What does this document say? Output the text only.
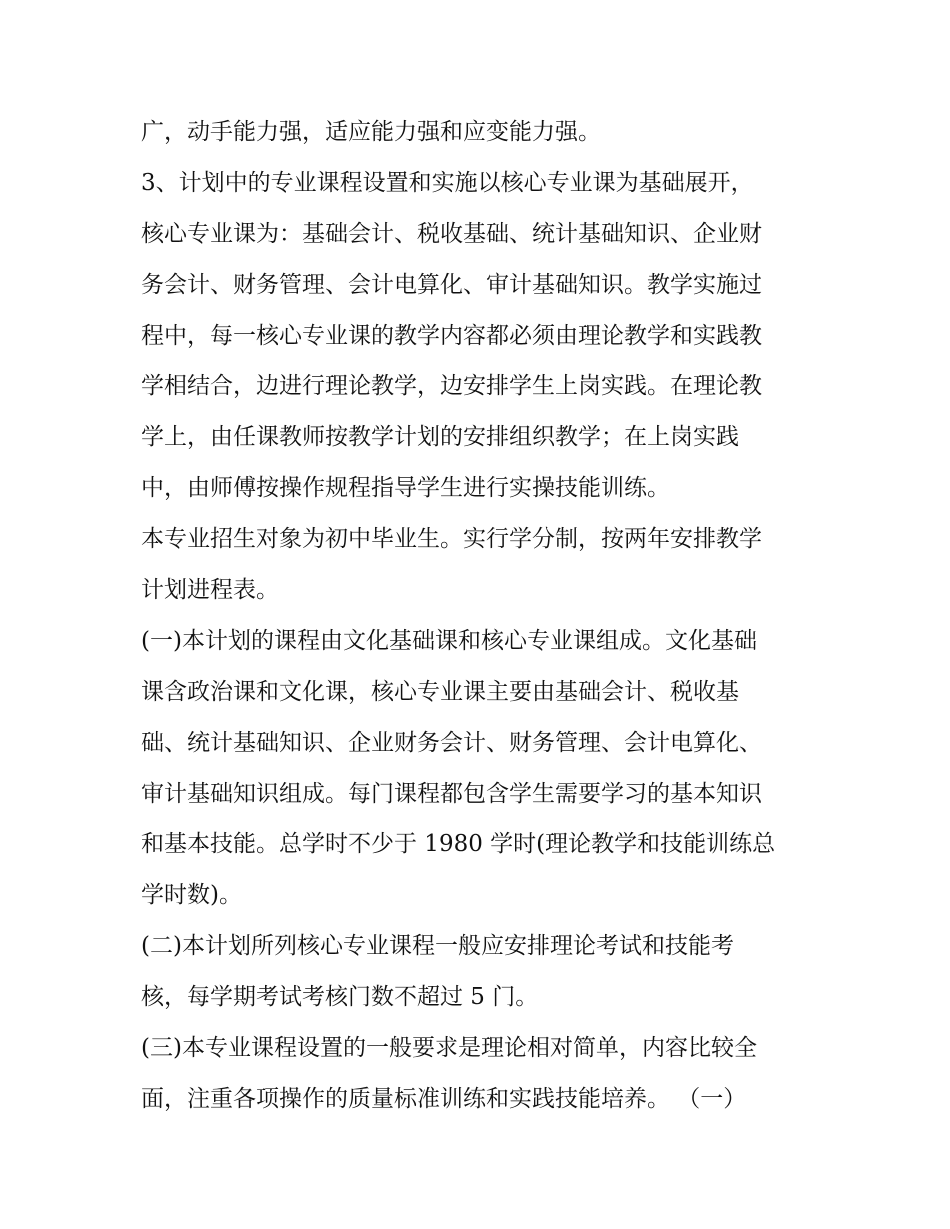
广，动手能力强，适应能力强和应变能力强。
3、计划中的专业课程设置和实施以核心专业课为基础展开，
核心专业课为：基础会计、税收基础、统计基础知识、企业财
务会计、财务管理、会计电算化、审计基础知识。教学实施过
程中，每一核心专业课的教学内容都必须由理论教学和实践教
学相结合，边进行理论教学，边安排学生上岗实践。在理论教
学上，由任课教师按教学计划的安排组织教学；在上岗实践
中，由师傅按操作规程指导学生进行实操技能训练。
本专业招生对象为初中毕业生。实行学分制，按两年安排教学
计划进程表。
(一)本计划的课程由文化基础课和核心专业课组成。文化基础
课含政治课和文化课，核心专业课主要由基础会计、税收基
础、统计基础知识、企业财务会计、财务管理、会计电算化、
审计基础知识组成。每门课程都包含学生需要学习的基本知识
和基本技能。总学时不少于 1980 学时(理论教学和技能训练总
学时数)。
(二)本计划所列核心专业课程一般应安排理论考试和技能考
核，每学期考试考核门数不超过 5 门。
(三)本专业课程设置的一般要求是理论相对简单，内容比较全
面，注重各项操作的质量标准训练和实践技能培养。 （一）
